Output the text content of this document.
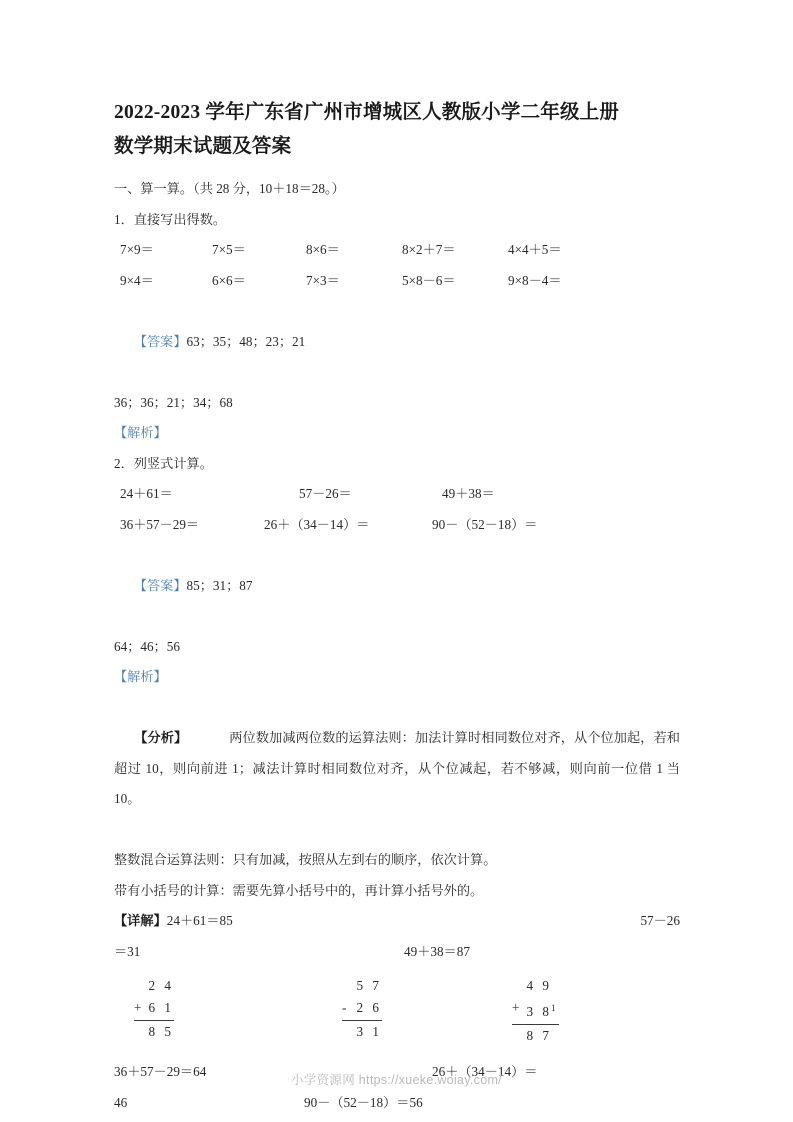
2022-2023 学年广东省广州市增城区人教版小学二年级上册
数学期末试题及答案

一、算一算。（共 28 分，10＋18＝28。）

1．直接写出得数。

7×9＝	7×5＝	8×6＝	8×2＋7＝	4×4＋5＝
9×4＝	6×6＝	7×3＝	5×8－6＝	9×8－4＝

【答案】63；35；48；23；21

36；36；21；34；68

【解析】

2．列竖式计算。

24＋61＝	57－26＝	49＋38＝
36＋57－29＝	26＋（34－14）＝	90－（52－18）＝

【答案】85；31；87

64；46；56

【解析】

【分析】	两位数加减两位数的运算法则：加法计算时相同数位对齐，从个位加起，若和超过 10，则向前进 1；减法计算时相同数位对齐，从个位减起，若不够减，则向前一位借 1 当 10。

整数混合运算法则：只有加减，按照从左到右的顺序，依次计算。

带有小括号的计算：需要先算小括号中的，再计算小括号外的。

【详解】24＋61＝85	57－26
＝31	49＋38＝87
2 4
+ 6 1
8 5
5 7
- 2 6
3 1
4 9
+ 3 $8^1$
8 7
36＋57－29＝64	26＋（34－14）＝
46	90－（52－18）＝56
小学资源网 https://xueke.woiay.com/
